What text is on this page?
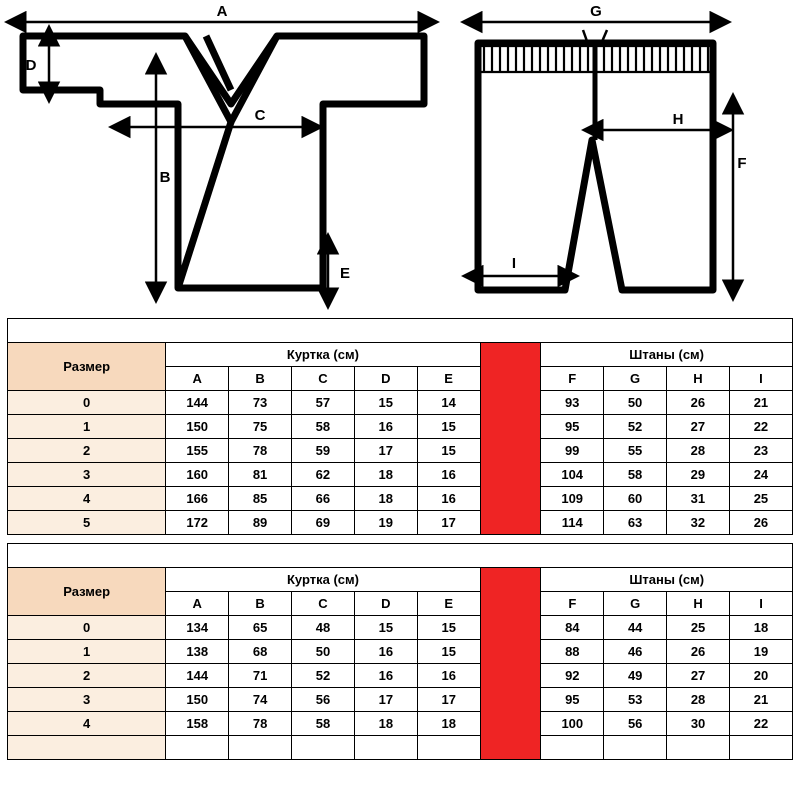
A
D
B
C
E
G
H
F
I
Размерная сетка кимоно мужское для джиу джитсу JJS										
Размер	Куртка (см)						Штаны (см)			
	A	B	C	D	E		F	G	H	I
0	144	73	57	15	14		93	50	26	21
1	150	75	58	16	15		95	52	27	22
2	155	78	59	17	15		99	55	28	23
3	160	81	62	18	16		104	58	29	24
4	166	85	66	18	16		109	60	31	25
5	172	89	69	19	17		114	63	32	26
Размерная сетка кимоно женское для джиу джитсу JJSL										
Размер	Куртка (см)						Штаны (см)			
	A	B	C	D	E		F	G	H	I
0	134	65	48	15	15		84	44	25	18
1	138	68	50	16	15		88	46	26	19
2	144	71	52	16	16		92	49	27	20
3	150	74	56	17	17		95	53	28	21
4	158	78	58	18	18		100	56	30	22
